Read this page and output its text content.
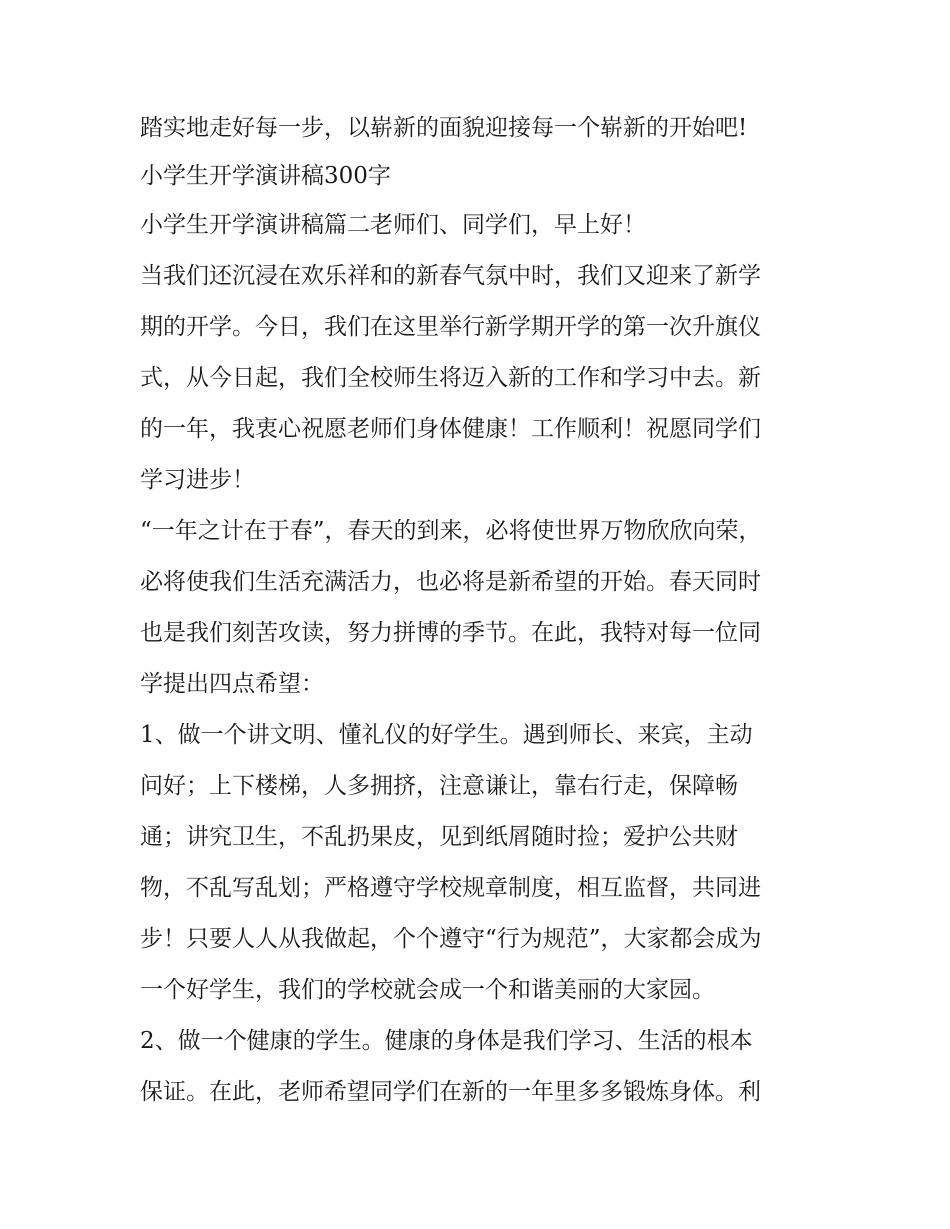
踏实地走好每一步，以崭新的面貌迎接每一个崭新的开始吧!
小学生开学演讲稿300字
小学生开学演讲稿篇二老师们、同学们，早上好！
当我们还沉浸在欢乐祥和的新春气氛中时，我们又迎来了新学
期的开学。今日，我们在这里举行新学期开学的第一次升旗仪
式，从今日起，我们全校师生将迈入新的工作和学习中去。新
的一年，我衷心祝愿老师们身体健康！工作顺利！祝愿同学们
学习进步！
“一年之计在于春”，春天的到来，必将使世界万物欣欣向荣，
必将使我们生活充满活力，也必将是新希望的开始。春天同时
也是我们刻苦攻读，努力拼博的季节。在此，我特对每一位同
学提出四点希望：
1、做一个讲文明、懂礼仪的好学生。遇到师长、来宾，主动
问好；上下楼梯，人多拥挤，注意谦让，靠右行走，保障畅
通；讲究卫生，不乱扔果皮，见到纸屑随时捡；爱护公共财
物，不乱写乱划；严格遵守学校规章制度，相互监督，共同进
步！只要人人从我做起，个个遵守“行为规范”，大家都会成为
一个好学生，我们的学校就会成一个和谐美丽的大家园。
2、做一个健康的学生。健康的身体是我们学习、生活的根本
保证。在此，老师希望同学们在新的一年里多多锻炼身体。利
